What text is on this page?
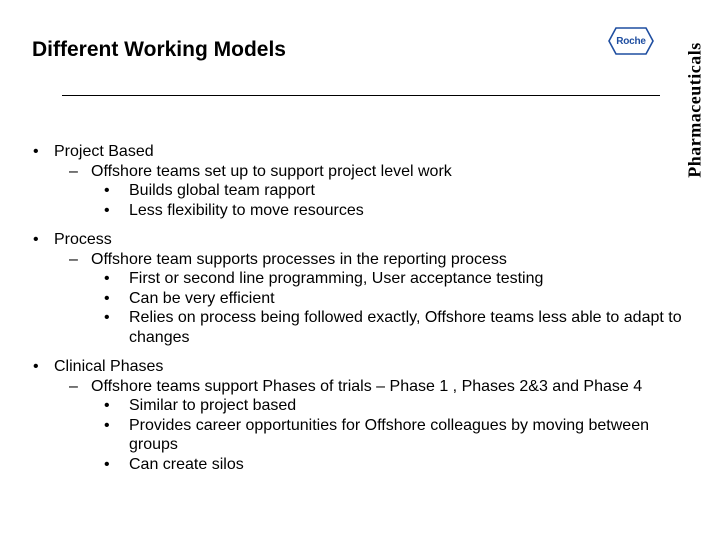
Different Working Models	Roche
Pharmaceuticals
• Project Based
– Offshore teams set up to support project level work
• Builds global team rapport
• Less flexibility to move resources
• Process
– Offshore team supports processes in the reporting process
• First or second line programming, User acceptance testing
• Can be very efficient
• Relies on process being followed exactly, Offshore teams less able to adapt to changes
• Clinical Phases
– Offshore teams support Phases of trials – Phase 1 , Phases 2&3 and Phase 4
• Similar to project based
• Provides career opportunities for Offshore colleagues by moving between groups
• Can create silos
